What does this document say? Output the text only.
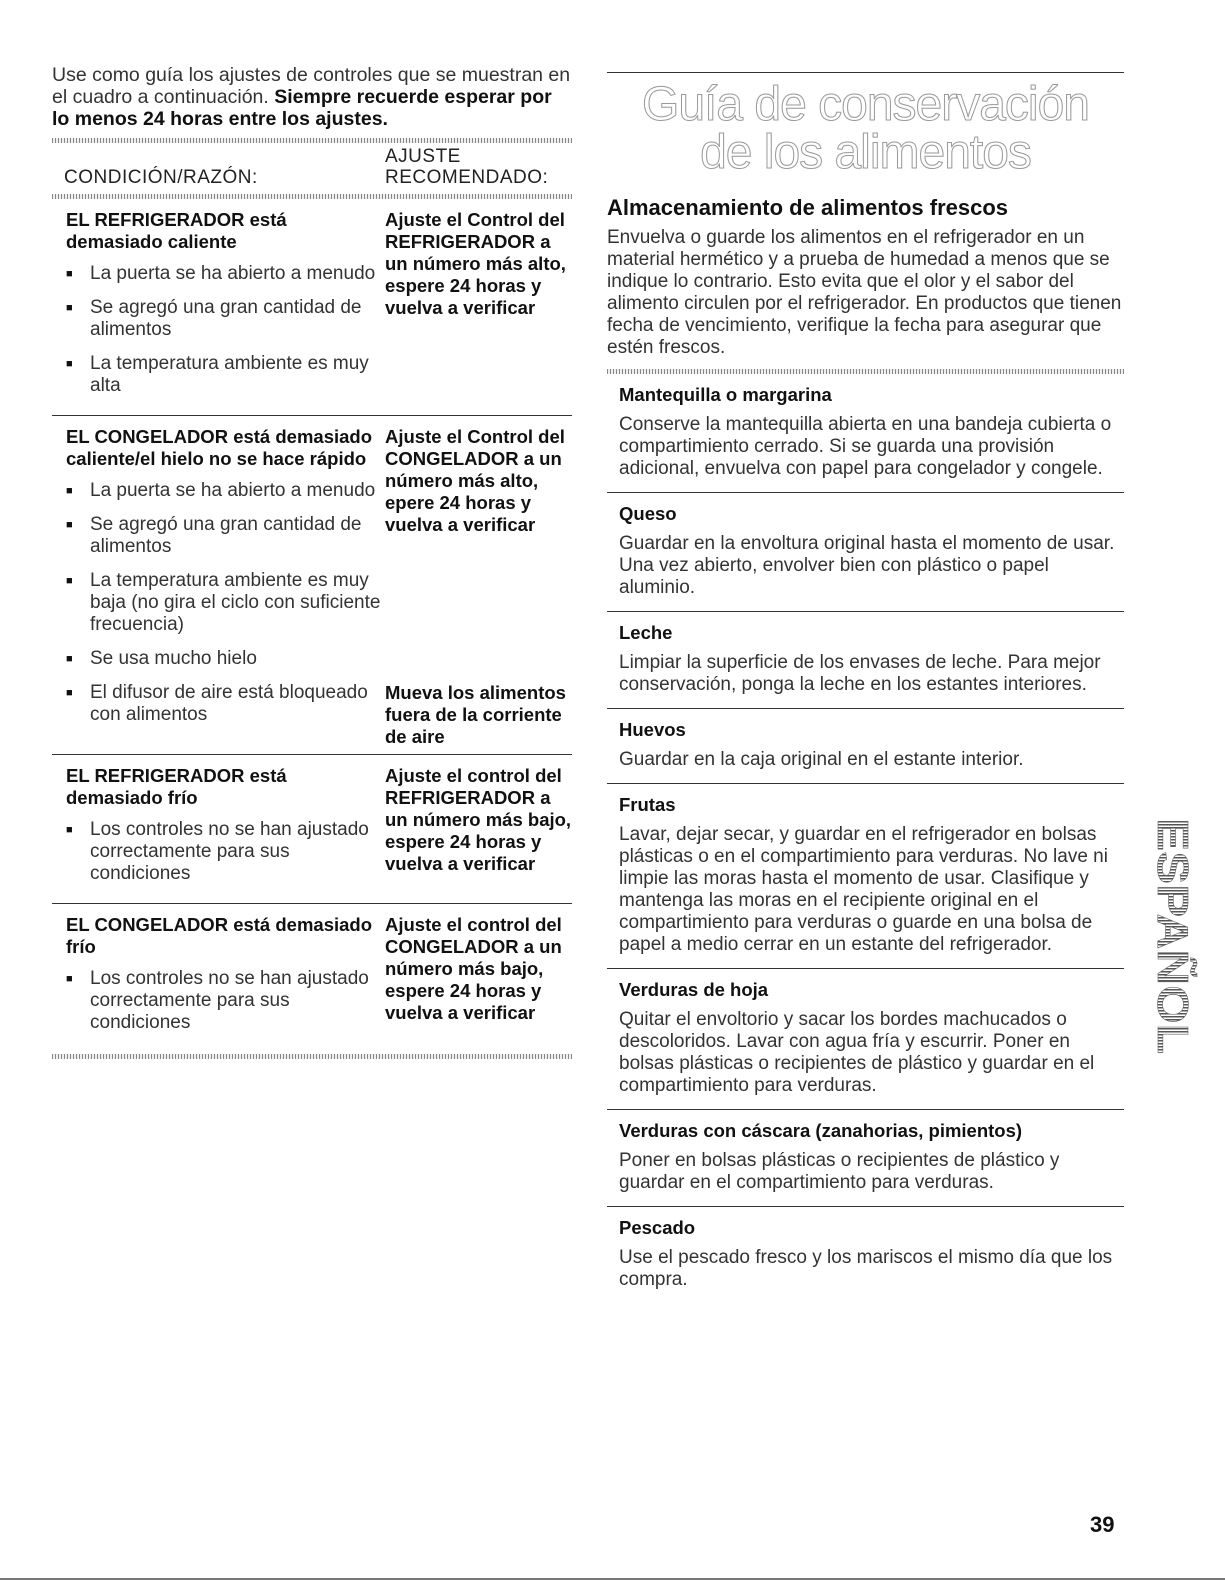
Use como guía los ajustes de controles que se muestran en el cuadro a continuación. Siempre recuerde esperar por lo menos 24 horas entre los ajustes.

CONDICIÓN/RAZÓN:
AJUSTE RECOMENDADO:

EL REFRIGERADOR está demasiado caliente

■ La puerta se ha abierto a menudo
■ Se agregó una gran cantidad de alimentos
■ La temperatura ambiente es muy alta
Ajuste el Control del REFRIGERADOR a un número más alto, espere 24 horas y vuelva a verificar

EL CONGELADOR está demasiado caliente/el hielo no se hace rápido

■ La puerta se ha abierto a menudo
■ Se agregó una gran cantidad de alimentos
■ La temperatura ambiente es muy baja (no gira el ciclo con suficiente frecuencia)
■ Se usa mucho hielo
Ajuste el Control del CONGELADOR a un número más alto, epere 24 horas y vuelva a verificar
■ El difusor de aire está bloqueado con alimentos
Mueva los alimentos fuera de la corriente de aire

EL REFRIGERADOR está demasiado frío

■ Los controles no se han ajustado correctamente para sus condiciones
Ajuste el control del REFRIGERADOR a un número más bajo, espere 24 horas y vuelva a verificar

EL CONGELADOR está demasiado frío

■ Los controles no se han ajustado correctamente para sus condiciones
Ajuste el control del CONGELADOR a un número más bajo, espere 24 horas y vuelva a verificar
Guía de conservación
de los alimentos
Almacenamiento de alimentos frescos

Envuelva o guarde los alimentos en el refrigerador en un material hermético y a prueba de humedad a menos que se indique lo contrario. Esto evita que el olor y el sabor del alimento circulen por el refrigerador. En productos que tienen fecha de vencimiento, verifique la fecha para asegurar que estén frescos.

Mantequilla o margarina
Conserve la mantequilla abierta en una bandeja cubierta o compartimiento cerrado. Si se guarda una provisión adicional, envuelva con papel para congelador y congele.
Queso
Guardar en la envoltura original hasta el momento de usar. Una vez abierto, envolver bien con plástico o papel aluminio.
Leche
Limpiar la superficie de los envases de leche. Para mejor conservación, ponga la leche en los estantes interiores.
Huevos
Guardar en la caja original en el estante interior.
Frutas
Lavar, dejar secar, y guardar en el refrigerador en bolsas plásticas o en el compartimiento para verduras. No lave ni limpie las moras hasta el momento de usar. Clasifique y mantenga las moras en el recipiente original en el compartimiento para verduras o guarde en una bolsa de papel a medio cerrar en un estante del refrigerador.
Verduras de hoja
Quitar el envoltorio y sacar los bordes machucados o descoloridos. Lavar con agua fría y escurrir. Poner en bolsas plásticas o recipientes de plástico y guardar en el compartimiento para verduras.
Verduras con cáscara (zanahorias, pimientos)
Poner en bolsas plásticas o recipientes de plástico y guardar en el compartimiento para verduras.
Pescado
Use el pescado fresco y los mariscos el mismo día que los compra.
ESPAÑOL
39
